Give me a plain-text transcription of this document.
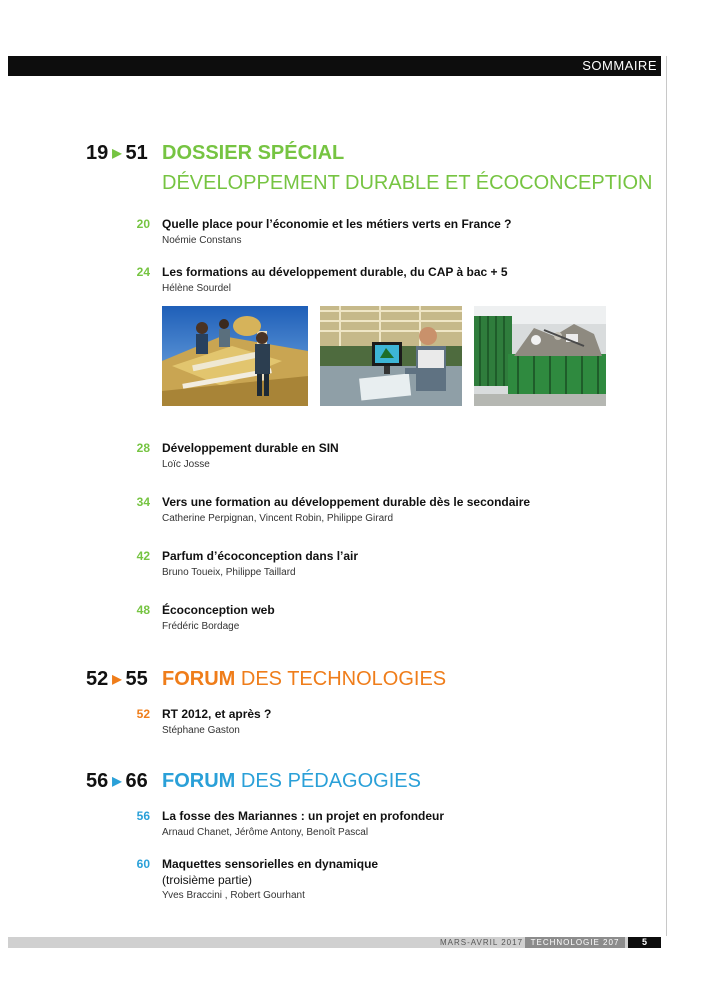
SOMMAIRE
19 ▶ 51 DOSSIER SPÉCIAL
DÉVELOPPEMENT DURABLE ET ÉCOCONCEPTION
20 Quelle place pour l’économie et les métiers verts en France ?
Noémie Constans
24 Les formations au développement durable, du CAP à bac + 5
Hélène Sourdel
28 Développement durable en SIN
Loïc Josse
34 Vers une formation au développement durable dès le secondaire
Catherine Perpignan, Vincent Robin, Philippe Girard
42 Parfum d’écoconception dans l’air
Bruno Toueix, Philippe Taillard
48 Écoconception web
Frédéric Bordage
52 ▶ 55 FORUM DES TECHNOLOGIES
52 RT 2012, et après ?
Stéphane Gaston
56 ▶ 66 FORUM DES PÉDAGOGIES
56 La fosse des Mariannes : un projet en profondeur
Arnaud Chanet, Jérôme Antony, Benoît Pascal
60 Maquettes sensorielles en dynamique
(troisième partie)
Yves Braccini , Robert Gourhant
MARS-AVRIL 2017 TECHNOLOGIE 207	5
